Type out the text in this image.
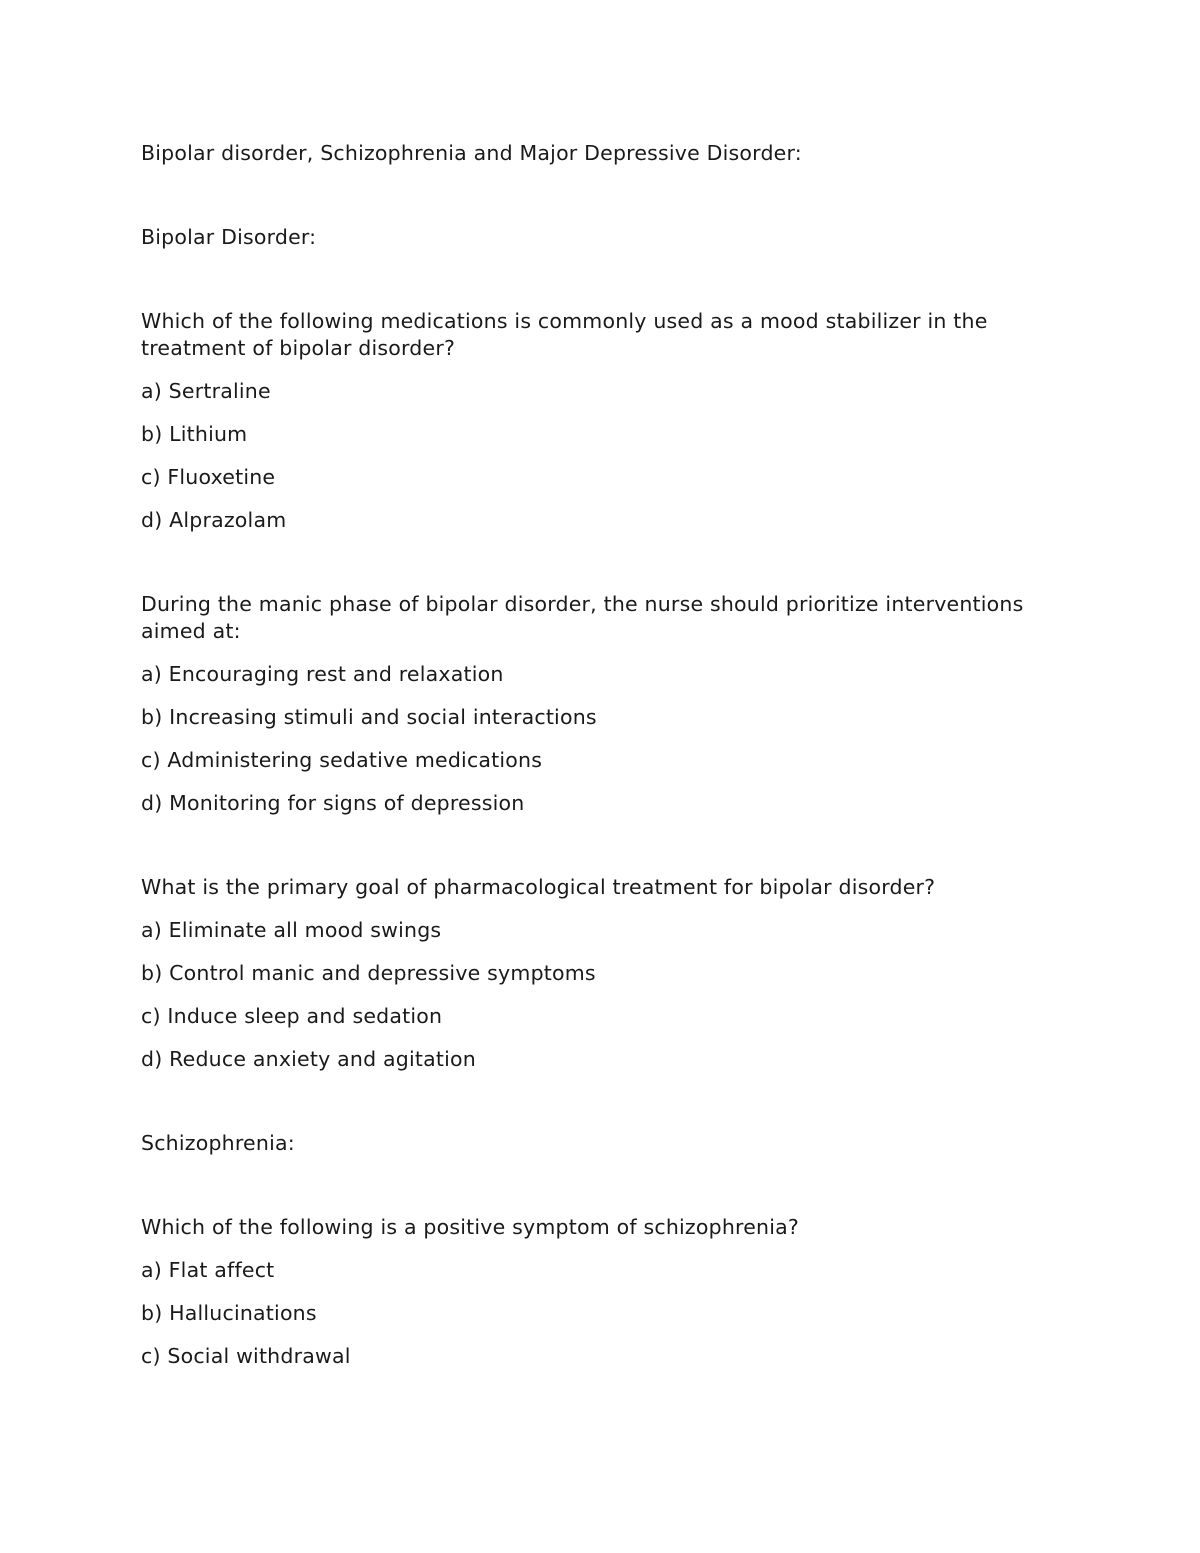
Bipolar disorder, Schizophrenia and Major Depressive Disorder:

Bipolar Disorder:

Which of the following medications is commonly used as a mood stabilizer in the treatment of bipolar disorder?

a) Sertraline

b) Lithium

c) Fluoxetine

d) Alprazolam

During the manic phase of bipolar disorder, the nurse should prioritize interventions aimed at:

a) Encouraging rest and relaxation

b) Increasing stimuli and social interactions

c) Administering sedative medications

d) Monitoring for signs of depression

What is the primary goal of pharmacological treatment for bipolar disorder?

a) Eliminate all mood swings

b) Control manic and depressive symptoms

c) Induce sleep and sedation

d) Reduce anxiety and agitation

Schizophrenia:

Which of the following is a positive symptom of schizophrenia?

a) Flat affect

b) Hallucinations

c) Social withdrawal
